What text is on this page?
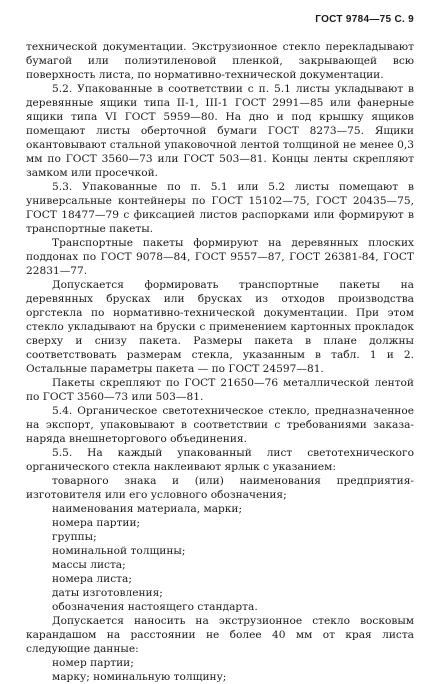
ГОСТ 9784—75 С. 9

технической документации. Экструзионное стекло перекладывают бумагой или полиэтиленовой пленкой, закрывающей всю поверхность листа, по нормативно-технической документации.

5.2. Упакованные в соответствии с п. 5.1 листы укладывают в деревянные ящики типа II-1, III-1 ГОСТ 2991—85 или фанерные ящики типа VI ГОСТ 5959—80. На дно и под крышку ящиков помещают листы оберточной бумаги ГОСТ 8273—75. Ящики окантовывают стальной упаковочной лентой толщиной не менее 0,3 мм по ГОСТ 3560—73 или ГОСТ 503—81. Концы ленты скрепляют замком или просечкой.

5.3. Упакованные по п. 5.1 или 5.2 листы помещают в универсальные контейнеры по ГОСТ 15102—75, ГОСТ 20435—75, ГОСТ 18477—79 с фиксацией листов распорками или формируют в транспортные пакеты.

Транспортные пакеты формируют на деревянных плоских поддонах по ГОСТ 9078—84, ГОСТ 9557—87, ГОСТ 26381-84, ГОСТ 22831—77.

Допускается формировать транспортные пакеты на деревянных брусках или брусках из отходов производства оргстекла по нормативно-технической документации. При этом стекло укладывают на бруски с применением картонных прокладок сверху и снизу пакета. Размеры пакета в плане должны соответствовать размерам стекла, указанным в табл. 1 и 2. Остальные параметры пакета — по ГОСТ 24597—81.

Пакеты скрепляют по ГОСТ 21650—76 металлической лентой по ГОСТ 3560—73 или 503—81.

5.4. Органическое светотехническое стекло, предназначенное на экспорт, упаковывают в соответствии с требованиями заказа-наряда внешнеторгового объединения.

5.5. На каждый упакованный лист светотехнического органического стекла наклеивают ярлык с указанием:

товарного знака и (или) наименования предприятия-изготовителя или его условного обозначения;

наименования материала, марки;

номера партии;

группы;

номинальной толщины;

массы листа;

номера листа;

даты изготовления;

обозначения настоящего стандарта.

Допускается наносить на экструзионное стекло восковым карандашом на расстоянии не более 40 мм от края листа следующие данные:

номер партии;

марку; номинальную толщину;
